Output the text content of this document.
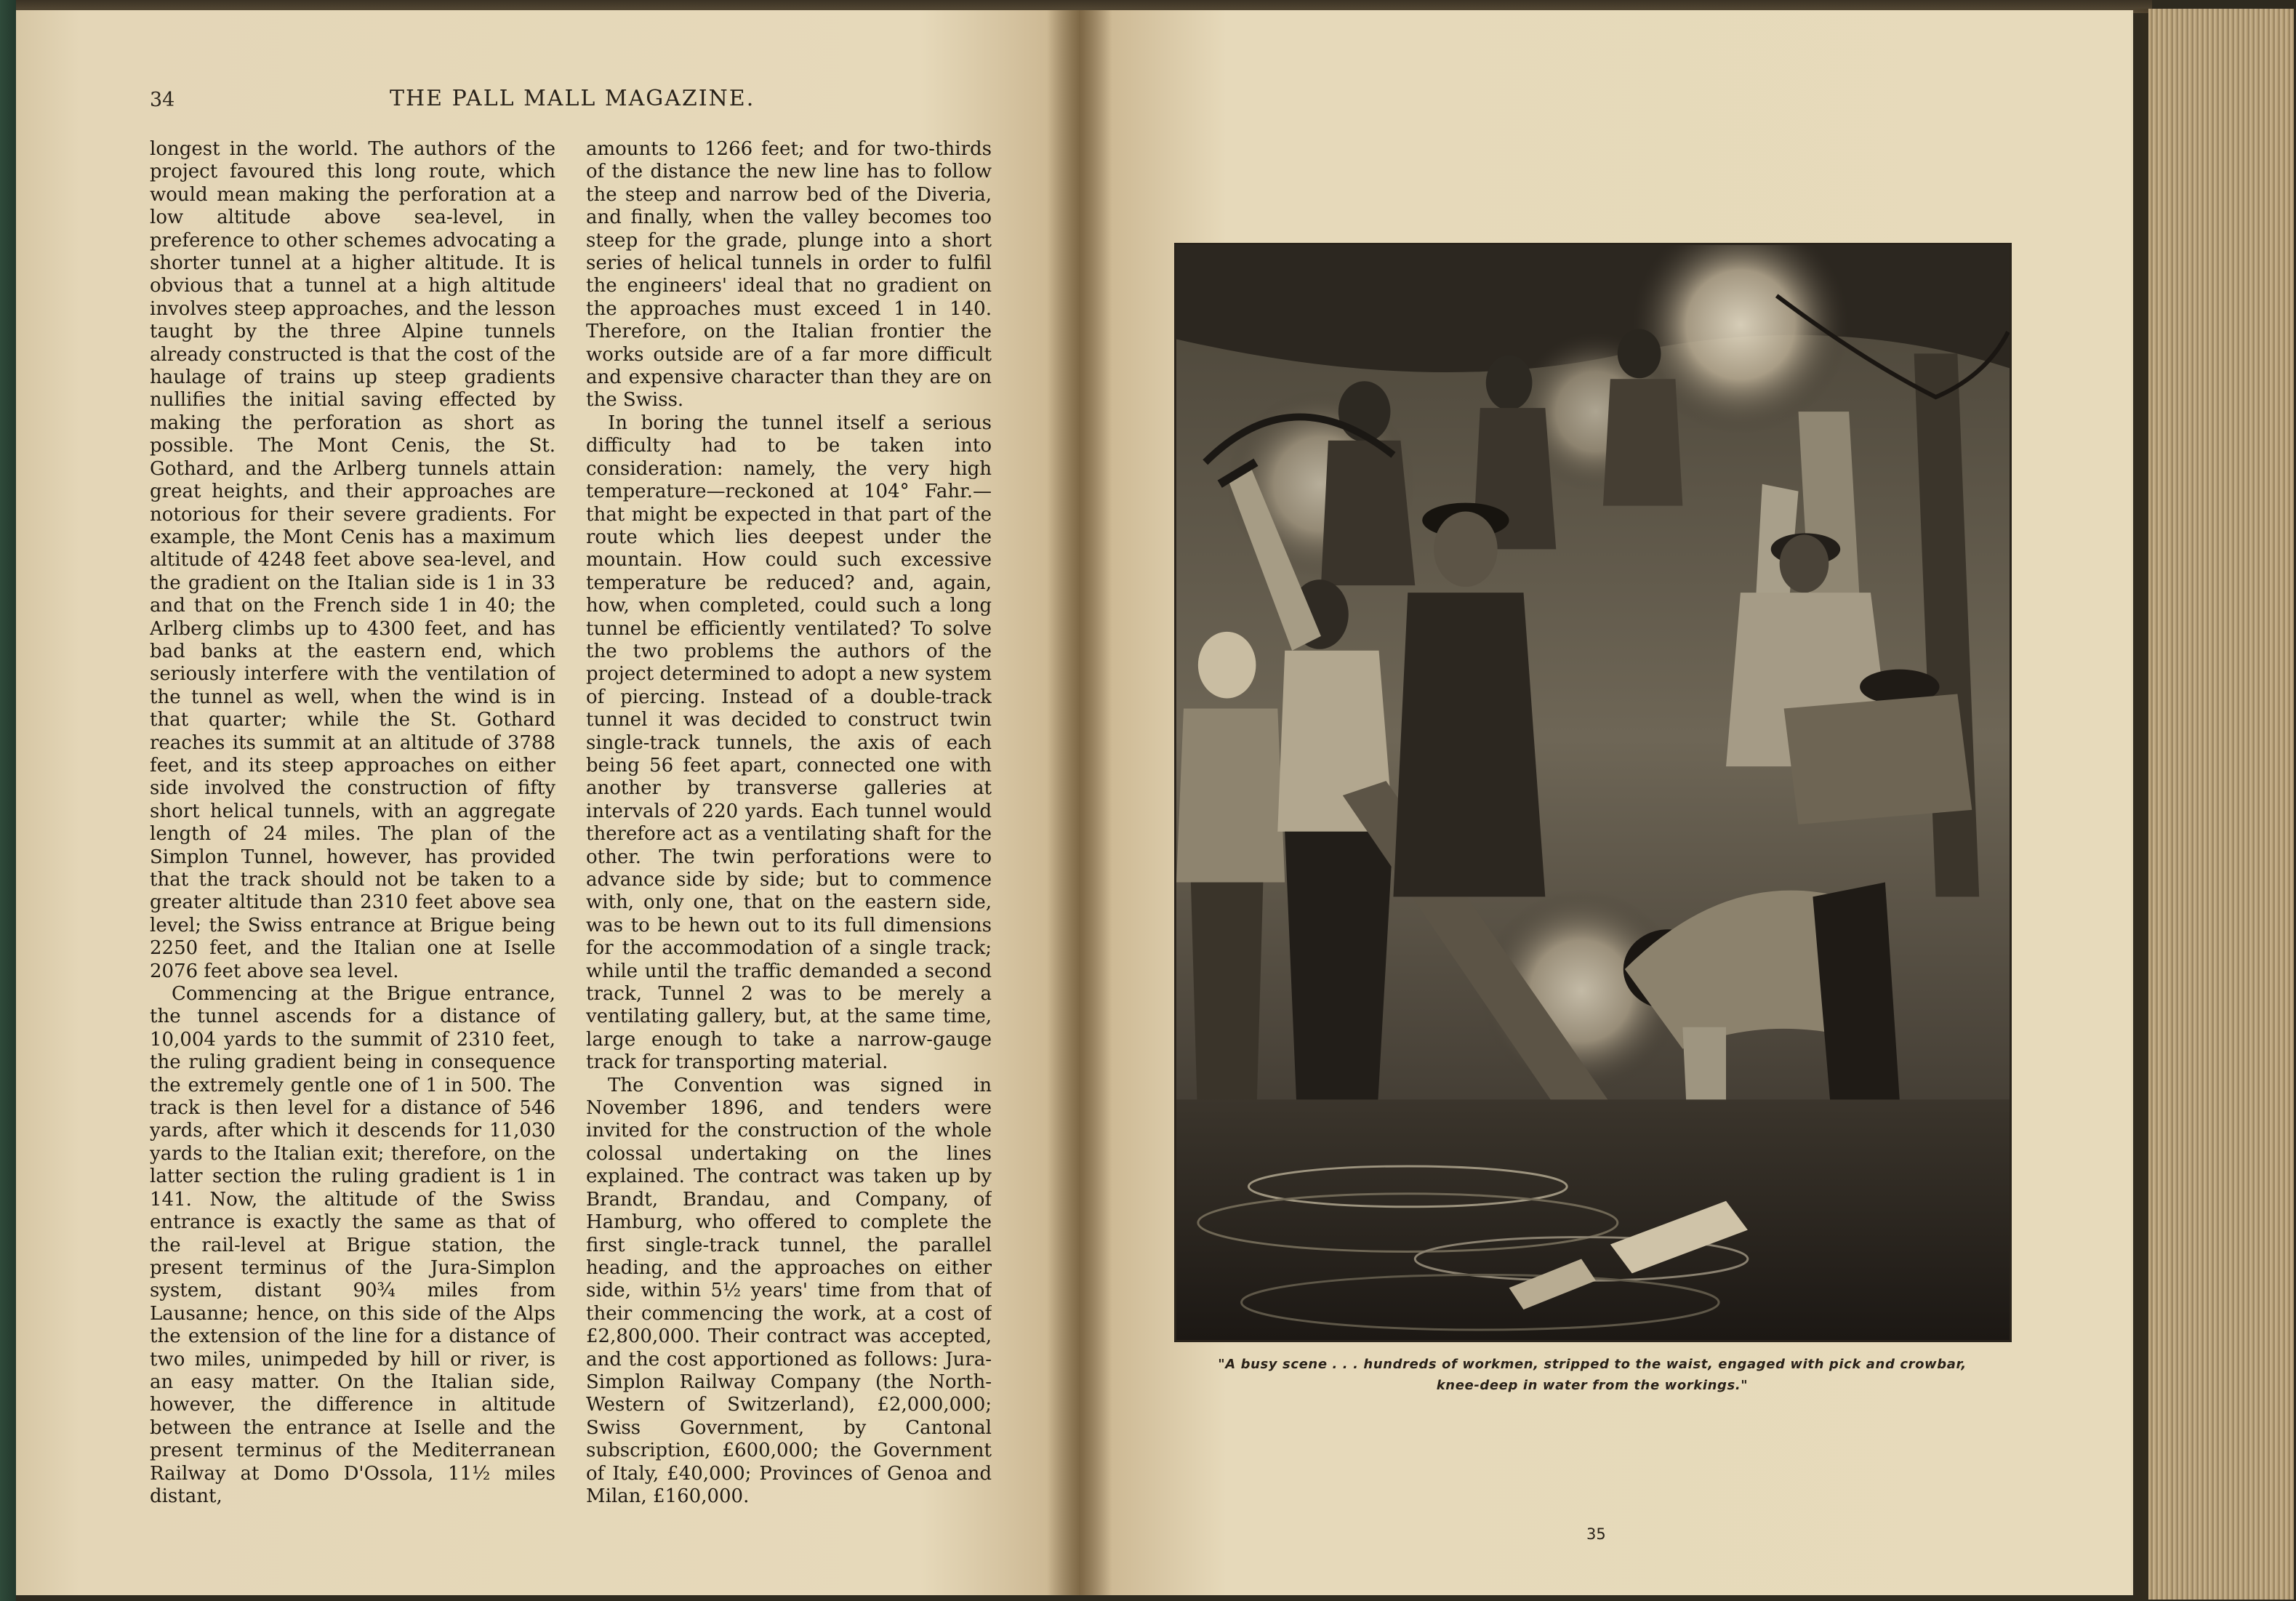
34	THE PALL MALL MAGAZINE.

longest in the world. The authors of the project favoured this long route, which would mean making the perforation at a low altitude above sea-level, in preference to other schemes advocating a shorter tunnel at a higher altitude. It is obvious that a tunnel at a high altitude involves steep approaches, and the lesson taught by the three Alpine tunnels already constructed is that the cost of the haulage of trains up steep gradients nullifies the initial saving effected by making the perforation as short as possible. The Mont Cenis, the St. Gothard, and the Arlberg tunnels attain great heights, and their approaches are notorious for their severe gradients. For example, the Mont Cenis has a maximum altitude of 4248 feet above sea-level, and the gradient on the Italian side is 1 in 33 and that on the French side 1 in 40; the Arlberg climbs up to 4300 feet, and has bad banks at the eastern end, which seriously interfere with the ventilation of the tunnel as well, when the wind is in that quarter; while the St. Gothard reaches its summit at an altitude of 3788 feet, and its steep approaches on either side involved the construction of fifty short helical tunnels, with an aggregate length of 24 miles. The plan of the Simplon Tunnel, however, has provided that the track should not be taken to a greater altitude than 2310 feet above sea level; the Swiss entrance at Brigue being 2250 feet, and the Italian one at Iselle 2076 feet above sea level.

Commencing at the Brigue entrance, the tunnel ascends for a distance of 10,004 yards to the summit of 2310 feet, the ruling gradient being in consequence the extremely gentle one of 1 in 500. The track is then level for a distance of 546 yards, after which it descends for 11,030 yards to the Italian exit; therefore, on the latter section the ruling gradient is 1 in 141. Now, the altitude of the Swiss entrance is exactly the same as that of the rail-level at Brigue station, the present terminus of the Jura-Simplon system, distant 90¾ miles from Lausanne; hence, on this side of the Alps the extension of the line for a distance of two miles, unimpeded by hill or river, is an easy matter. On the Italian side, however, the difference in altitude between the entrance at Iselle and the present terminus of the Mediterranean Railway at Domo D'Ossola, 11½ miles distant,

amounts to 1266 feet; and for two-thirds of the distance the new line has to follow the steep and narrow bed of the Diveria, and finally, when the valley becomes too steep for the grade, plunge into a short series of helical tunnels in order to fulfil the engineers' ideal that no gradient on the approaches must exceed 1 in 140. Therefore, on the Italian frontier the works outside are of a far more difficult and expensive character than they are on the Swiss.

In boring the tunnel itself a serious difficulty had to be taken into consideration: namely, the very high temperature—reckoned at 104° Fahr.—that might be expected in that part of the route which lies deepest under the mountain. How could such excessive temperature be reduced? and, again, how, when completed, could such a long tunnel be efficiently ventilated? To solve the two problems the authors of the project determined to adopt a new system of piercing. Instead of a double-track tunnel it was decided to construct twin single-track tunnels, the axis of each being 56 feet apart, connected one with another by transverse galleries at intervals of 220 yards. Each tunnel would therefore act as a ventilating shaft for the other. The twin perforations were to advance side by side; but to commence with, only one, that on the eastern side, was to be hewn out to its full dimensions for the accommodation of a single track; while until the traffic demanded a second track, Tunnel 2 was to be merely a ventilating gallery, but, at the same time, large enough to take a narrow-gauge track for transporting material.

The Convention was signed in November 1896, and tenders were invited for the construction of the whole colossal undertaking on the lines explained. The contract was taken up by Brandt, Brandau, and Company, of Hamburg, who offered to complete the first single-track tunnel, the parallel heading, and the approaches on either side, within 5½ years' time from that of their commencing the work, at a cost of £2,800,000. Their contract was accepted, and the cost apportioned as follows: Jura-Simplon Railway Company (the North-Western of Switzerland), £2,000,000; Swiss Government, by Cantonal subscription, £600,000; the Government of Italy, £40,000; Provinces of Genoa and Milan, £160,000.

"A busy scene . . . hundreds of workmen, stripped to the waist, engaged with pick and crowbar,
knee-deep in water from the workings."
35
